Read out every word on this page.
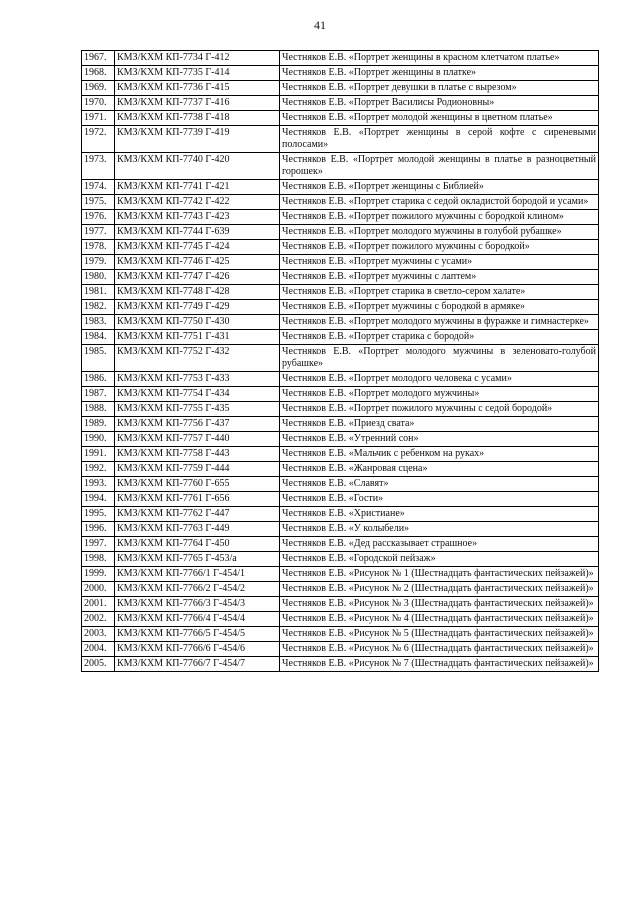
41
1967.	КМЗ/КХМ КП-7734 Г-412	Честняков Е.В. «Портрет женщины в красном клетчатом платье»
1968.	КМЗ/КХМ КП-7735 Г-414	Честняков Е.В. «Портрет женщины в платке»
1969.	КМЗ/КХМ КП-7736 Г-415	Честняков Е.В. «Портрет девушки в платье с вырезом»
1970.	КМЗ/КХМ КП-7737 Г-416	Честняков Е.В. «Портрет Василисы Родионовны»
1971.	КМЗ/КХМ КП-7738 Г-418	Честняков Е.В. «Портрет молодой женщины в цветном платье»
1972.	КМЗ/КХМ КП-7739 Г-419	Честняков Е.В. «Портрет женщины в серой кофте с сиреневыми полосами»
1973.	КМЗ/КХМ КП-7740 Г-420	Честняков Е.В. «Портрет молодой женщины в платье в разноцветный горошек»
1974.	КМЗ/КХМ КП-7741 Г-421	Честняков Е.В. «Портрет женщины с Библией»
1975.	КМЗ/КХМ КП-7742 Г-422	Честняков Е.В. «Портрет старика с седой окладистой бородой и усами»
1976.	КМЗ/КХМ КП-7743 Г-423	Честняков Е.В. «Портрет пожилого мужчины с бородкой клином»
1977.	КМЗ/КХМ КП-7744 Г-639	Честняков Е.В. «Портрет молодого мужчины в голубой рубашке»
1978.	КМЗ/КХМ КП-7745 Г-424	Честняков Е.В. «Портрет пожилого мужчины с бородкой»
1979.	КМЗ/КХМ КП-7746 Г-425	Честняков Е.В. «Портрет мужчины с усами»
1980.	КМЗ/КХМ КП-7747 Г-426	Честняков Е.В. «Портрет мужчины с лаптем»
1981.	КМЗ/КХМ КП-7748 Г-428	Честняков Е.В. «Портрет старика в светло-сером халате»
1982.	КМЗ/КХМ КП-7749 Г-429	Честняков Е.В. «Портрет мужчины с бородкой в армяке»
1983.	КМЗ/КХМ КП-7750 Г-430	Честняков Е.В. «Портрет молодого мужчины в фуражке и гимнастерке»
1984.	КМЗ/КХМ КП-7751 Г-431	Честняков Е.В. «Портрет старика с бородой»
1985.	КМЗ/КХМ КП-7752 Г-432	Честняков Е.В. «Портрет молодого мужчины в зеленовато-голубой рубашке»
1986.	КМЗ/КХМ КП-7753 Г-433	Честняков Е.В. «Портрет молодого человека с усами»
1987.	КМЗ/КХМ КП-7754 Г-434	Честняков Е.В. «Портрет молодого мужчины»
1988.	КМЗ/КХМ КП-7755 Г-435	Честняков Е.В. «Портрет пожилого мужчины с седой бородой»
1989.	КМЗ/КХМ КП-7756 Г-437	Честняков Е.В. «Приезд свата»
1990.	КМЗ/КХМ КП-7757 Г-440	Честняков Е.В. «Утренний сон»
1991.	КМЗ/КХМ КП-7758 Г-443	Честняков Е.В. «Мальчик с ребенком на руках»
1992.	КМЗ/КХМ КП-7759 Г-444	Честняков Е.В. «Жанровая сцена»
1993.	КМЗ/КХМ КП-7760 Г-655	Честняков Е.В. «Славят»
1994.	КМЗ/КХМ КП-7761 Г-656	Честняков Е.В. «Гости»
1995.	КМЗ/КХМ КП-7762 Г-447	Честняков Е.В. «Христиане»
1996.	КМЗ/КХМ КП-7763 Г-449	Честняков Е.В. «У колыбели»
1997.	КМЗ/КХМ КП-7764 Г-450	Честняков Е.В. «Дед рассказывает страшное»
1998.	КМЗ/КХМ КП-7765 Г-453/а	Честняков Е.В. «Городской пейзаж»
1999.	КМЗ/КХМ КП-7766/1 Г-454/1	Честняков Е.В. «Рисунок № 1 (Шестнадцать фантастических пейзажей)»
2000.	КМЗ/КХМ КП-7766/2 Г-454/2	Честняков Е.В. «Рисунок № 2 (Шестнадцать фантастических пейзажей)»
2001.	КМЗ/КХМ КП-7766/3 Г-454/3	Честняков Е.В. «Рисунок № 3 (Шестнадцать фантастических пейзажей)»
2002.	КМЗ/КХМ КП-7766/4 Г-454/4	Честняков Е.В. «Рисунок № 4 (Шестнадцать фантастических пейзажей)»
2003.	КМЗ/КХМ КП-7766/5 Г-454/5	Честняков Е.В. «Рисунок № 5 (Шестнадцать фантастических пейзажей)»
2004.	КМЗ/КХМ КП-7766/6 Г-454/6	Честняков Е.В. «Рисунок № 6 (Шестнадцать фантастических пейзажей)»
2005.	КМЗ/КХМ КП-7766/7 Г-454/7	Честняков Е.В. «Рисунок № 7 (Шестнадцать фантастических пейзажей)»
